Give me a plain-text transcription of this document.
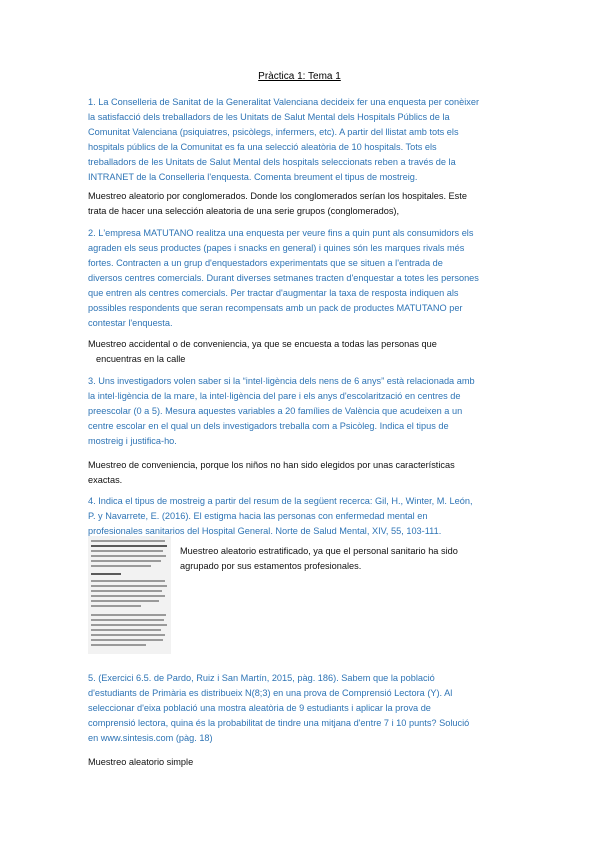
Pràctica 1: Tema 1
1. La Conselleria de Sanitat de la Generalitat Valenciana decideix fer una enquesta per conèixer
la satisfacció dels treballadors de les Unitats de Salut Mental dels Hospitals Públics de la
Comunitat Valenciana (psiquiatres, psicòlegs, infermers, etc). A partir del llistat amb tots els
hospitals públics de la Comunitat es fa una selecció aleatòria de 10 hospitals. Tots els
treballadors de les Unitats de Salut Mental dels hospitals seleccionats reben a través de la
INTRANET de la Conselleria l'enquesta. Comenta breument el tipus de mostreig.
Muestreo aleatorio por conglomerados. Donde los conglomerados serían los hospitales. Este
trata de hacer una selección aleatoria de una serie grupos (conglomerados),
2. L'empresa MATUTANO realitza una enquesta per veure fins a quin punt als consumidors els
agraden els seus productes (papes i snacks en general) i quines són les marques rivals més
fortes. Contracten a un grup d'enquestadors experimentats que se situen a l'entrada de
diversos centres comercials. Durant diverses setmanes tracten d'enquestar a totes les persones
que entren als centres comercials. Per tractar d'augmentar la taxa de resposta indiquen als
possibles respondents que seran recompensats amb un pack de productes MATUTANO per
contestar l'enquesta.
Muestreo accidental o de conveniencia, ya que se encuesta a todas las personas que
encuentras en la calle
3. Uns investigadors volen saber si la “intel·ligència dels nens de 6 anys” està relacionada amb
la intel·ligència de la mare, la intel·ligència del pare i els anys d'escolarització en centres de
preescolar (0 a 5). Mesura aquestes variables a 20 famílies de València que acudeixen a un
centre escolar en el qual un dels investigadors treballa com a Psicòleg. Indica el tipus de
mostreig i justifica-ho.
Muestreo de conveniencia, porque los niños no han sido elegidos por unas características
exactas.
4. Indica el tipus de mostreig a partir del resum de la següent recerca: Gil, H., Winter, M. León,
P. y Navarrete, E. (2016). El estigma hacia las personas con enfermedad mental en
profesionales sanitarios del Hospital General. Norte de Salud Mental, XIV, 55, 103-111.
Muestreo aleatorio estratificado, ya que el personal sanitario ha sido
agrupado por sus estamentos profesionales.
5. (Exercici 6.5. de Pardo, Ruiz i San Martín, 2015, pàg. 186). Sabem que la població
d'estudiants de Primària es distribueix N(8;3) en una prova de Comprensió Lectora (Y). Al
seleccionar d'eixa població una mostra aleatòria de 9 estudiants i aplicar la prova de
comprensió lectora, quina és la probabilitat de tindre una mitjana d'entre 7 i 10 punts? Solució
en www.sintesis.com (pàg. 18)
Muestreo aleatorio simple
